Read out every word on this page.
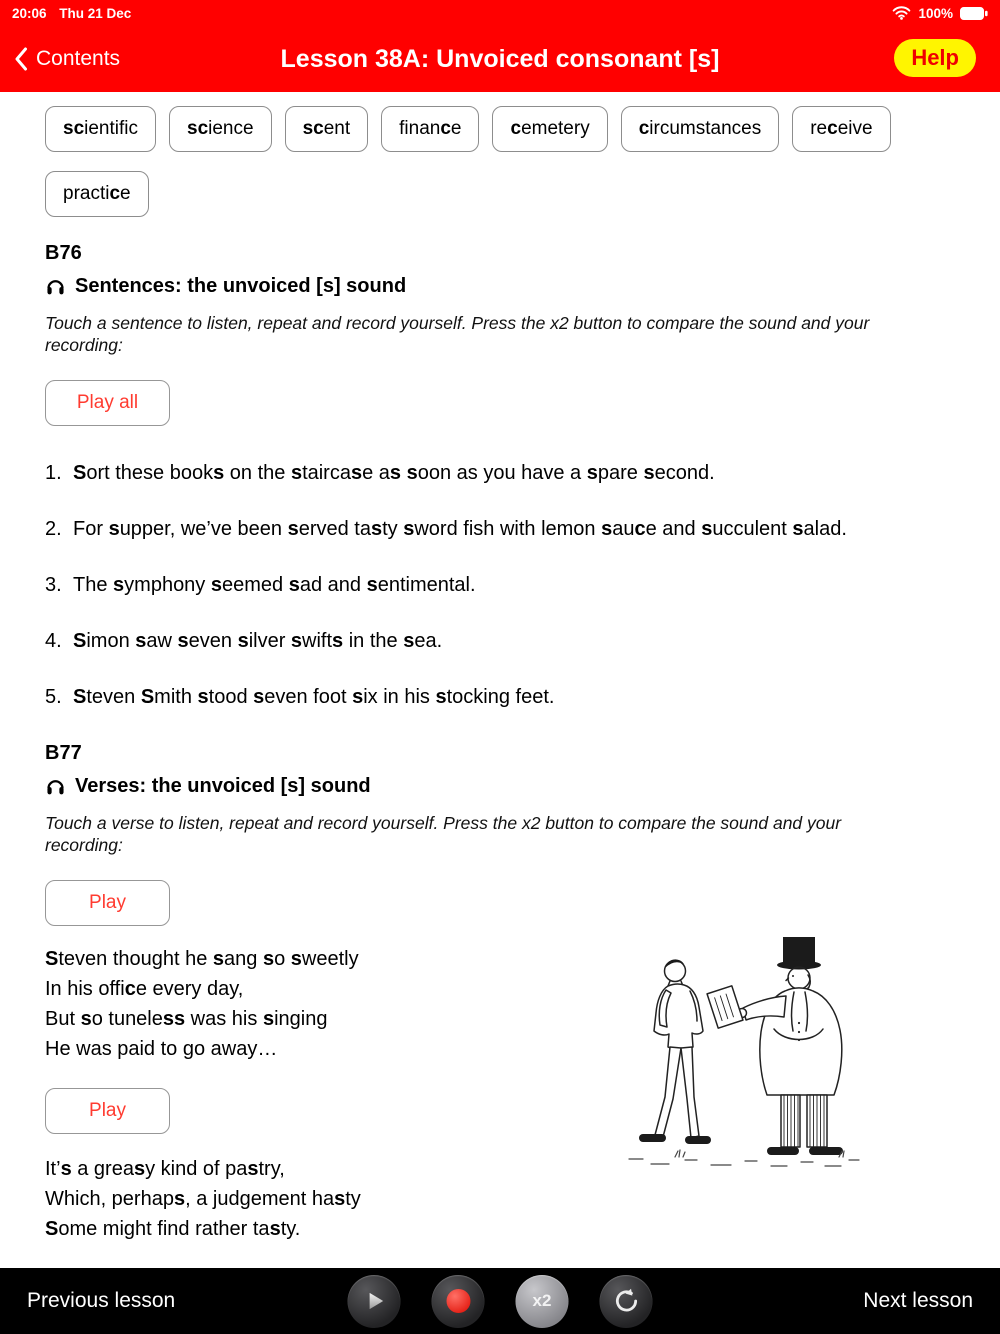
20:06 Thu 21 Dec	100%
Contents	Lesson 38A: Unvoiced consonant [s]	Help
sc ientific	sc ience	sc ent	finan c e	c emetery	c ircumstances	re c eive
practi c e
B76
Sentences: the unvoiced [s] sound

Touch a sentence to listen, repeat and record yourself. Press the x2 button to compare the sound and your recording:

Play all
1. Sort these books on the staircase as soon as you have a spare second.
2. For supper, we’ve been served tasty sword fish with lemon sauce and succulent salad.
3. The symphony seemed sad and sentimental.
4. Simon saw seven silver swifts in the sea.
5. Steven Smith stood seven foot six in his stocking feet.
B77
Verses: the unvoiced [s] sound

Touch a verse to listen, repeat and record yourself. Press the x2 button to compare the sound and your recording:

Play
Steven thought he sang so sweetly
In his office every day,
But so tuneless was his singing
He was paid to go away…
Play
It’s a greasy kind of pastry,
Which, perhaps, a judgement hasty
Some might find rather tasty.
Previous lesson	x2	Next lesson
